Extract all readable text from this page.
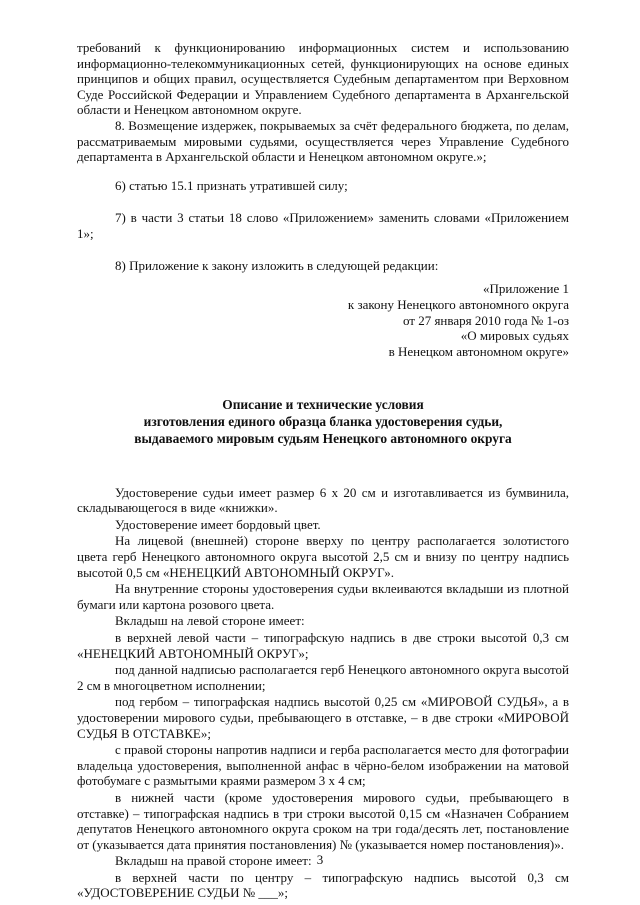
требований к функционированию информационных систем и использованию информационно-телекоммуникационных сетей, функционирующих на основе единых принципов и общих правил, осуществляется Судебным департаментом при Верховном Суде Российской Федерации и Управлением Судебного департамента в Архангельской области и Ненецком автономном округе.

8. Возмещение издержек, покрываемых за счёт федерального бюджета, по делам, рассматриваемым мировыми судьями, осуществляется через Управление Судебного департамента в Архангельской области и Ненецком автономном округе.»;

6) статью 15.1 признать утратившей силу;

7) в части 3 статьи 18 слово «Приложением» заменить словами «Приложением 1»;

8) Приложение к закону изложить в следующей редакции:

«Приложение 1
к закону Ненецкого автономного округа
от 27 января 2010 года № 1-оз
«О мировых судьях
в Ненецком автономном округе»
Описание и технические условия
изготовления единого образца бланка удостоверения судьи,
выдаваемого мировым судьям Ненецкого автономного округа

Удостоверение судьи имеет размер 6 х 20 см и изготавливается из бумвинила, складывающегося в виде «книжки».

Удостоверение имеет бордовый цвет.

На лицевой (внешней) стороне вверху по центру располагается золотистого цвета герб Ненецкого автономного округа высотой 2,5 см и внизу по центру надпись высотой 0,5 см «НЕНЕЦКИЙ АВТОНОМНЫЙ ОКРУГ».

На внутренние стороны удостоверения судьи вклеиваются вкладыши из плотной бумаги или картона розового цвета.

Вкладыш на левой стороне имеет:

в верхней левой части – типографскую надпись в две строки высотой 0,3 см «НЕНЕЦКИЙ АВТОНОМНЫЙ ОКРУГ»;

под данной надписью располагается герб Ненецкого автономного округа высотой 2 см в многоцветном исполнении;

под гербом – типографская надпись высотой 0,25 см «МИРОВОЙ СУДЬЯ», а в удостоверении мирового судьи, пребывающего в отставке, – в две строки «МИРОВОЙ СУДЬЯ В ОТСТАВКЕ»;

с правой стороны напротив надписи и герба располагается место для фотографии владельца удостоверения, выполненной анфас в чёрно-белом изображении на матовой фотобумаге с размытыми краями размером 3 х 4 см;

в нижней части (кроме удостоверения мирового судьи, пребывающего в отставке) – типографская надпись в три строки высотой 0,15 см «Назначен Собранием депутатов Ненецкого автономного округа сроком на три года/десять лет, постановление от (указывается дата принятия постановления) № (указывается номер постановления)».

Вкладыш на правой стороне имеет:

в верхней части по центру – типографскую надпись высотой 0,3 см «УДОСТОВЕРЕНИЕ СУДЬИ № ___»;

3
